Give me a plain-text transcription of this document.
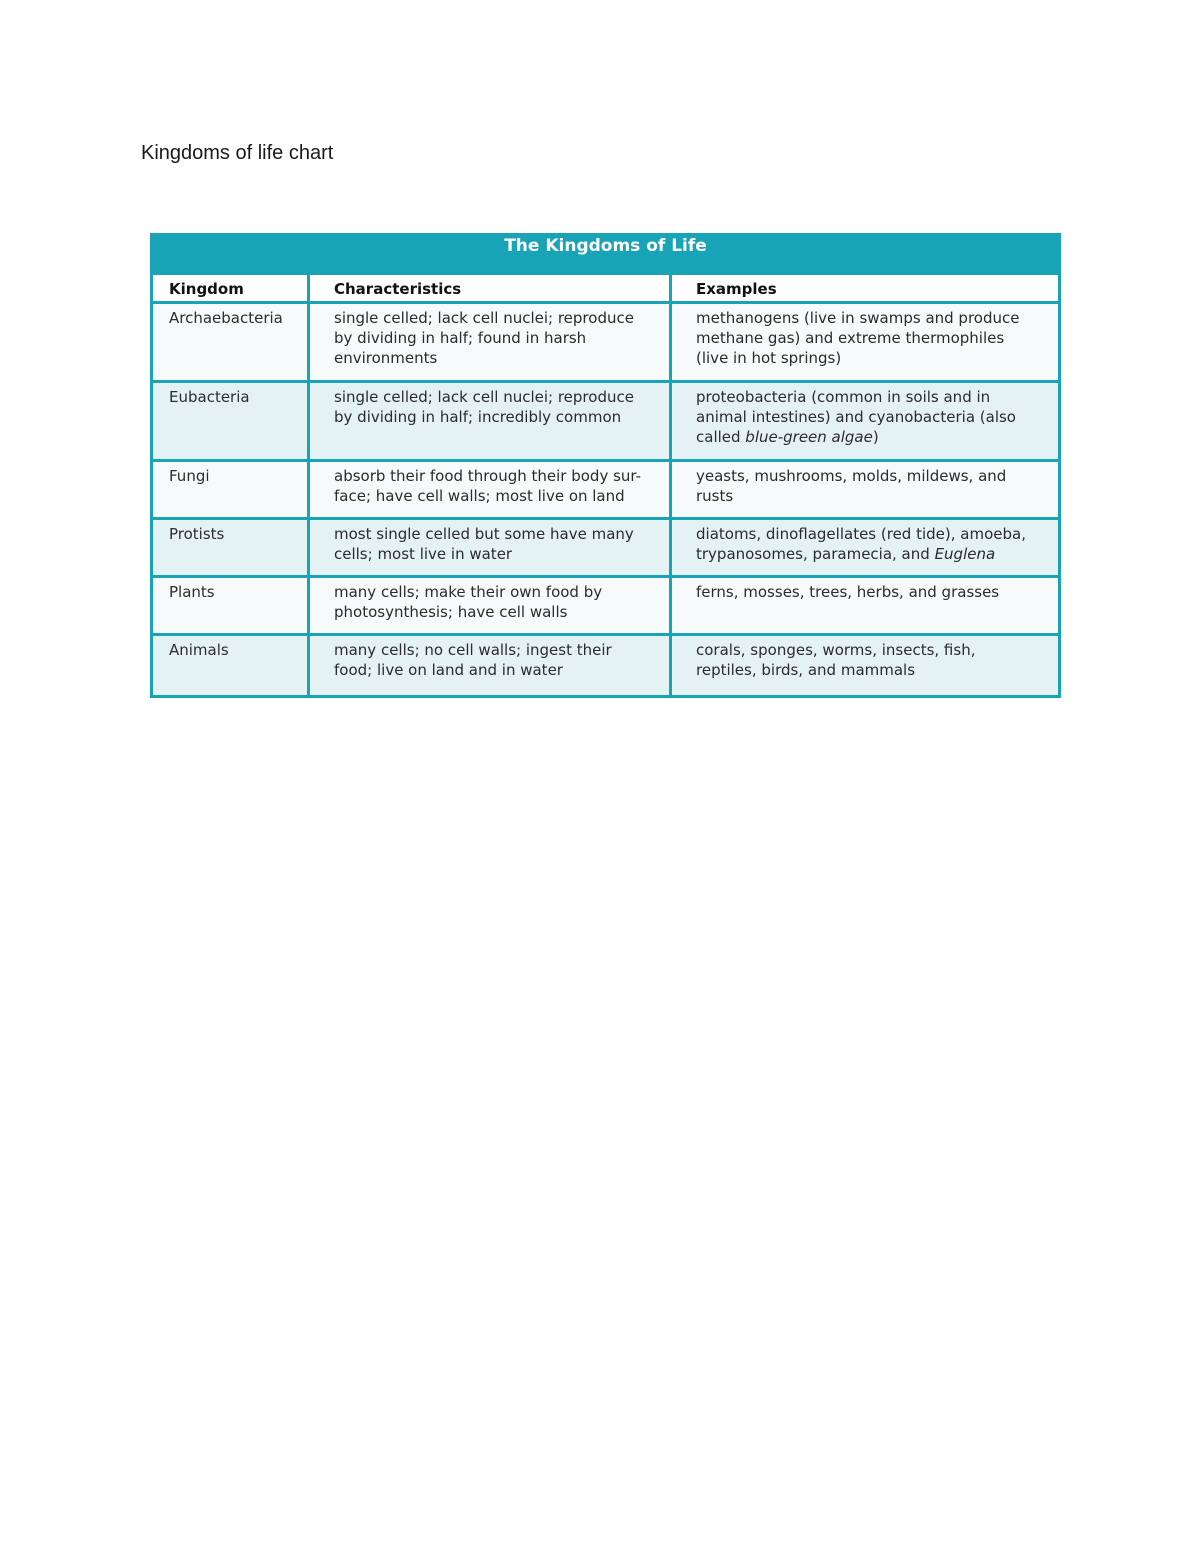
Kingdoms of life chart
The Kingdoms of Life		
Kingdom	Characteristics	Examples
Archaebacteria	single celled; lack cell nuclei; reproduce by dividing in half; found in harsh environments	methanogens (live in swamps and produce methane gas) and extreme thermophiles (live in hot springs)
Eubacteria	single celled; lack cell nuclei; reproduce by dividing in half; incredibly common	proteobacteria (common in soils and in animal intestines) and cyanobacteria (also called blue-green algae)
Fungi	absorb their food through their body sur-face; have cell walls; most live on land	yeasts, mushrooms, molds, mildews, and rusts
Protists	most single celled but some have many cells; most live in water	diatoms, dinoflagellates (red tide), amoeba, trypanosomes, paramecia, and Euglena
Plants	many cells; make their own food by photosynthesis; have cell walls	ferns, mosses, trees, herbs, and grasses
Animals	many cells; no cell walls; ingest their food; live on land and in water	corals, sponges, worms, insects, fish, reptiles, birds, and mammals
